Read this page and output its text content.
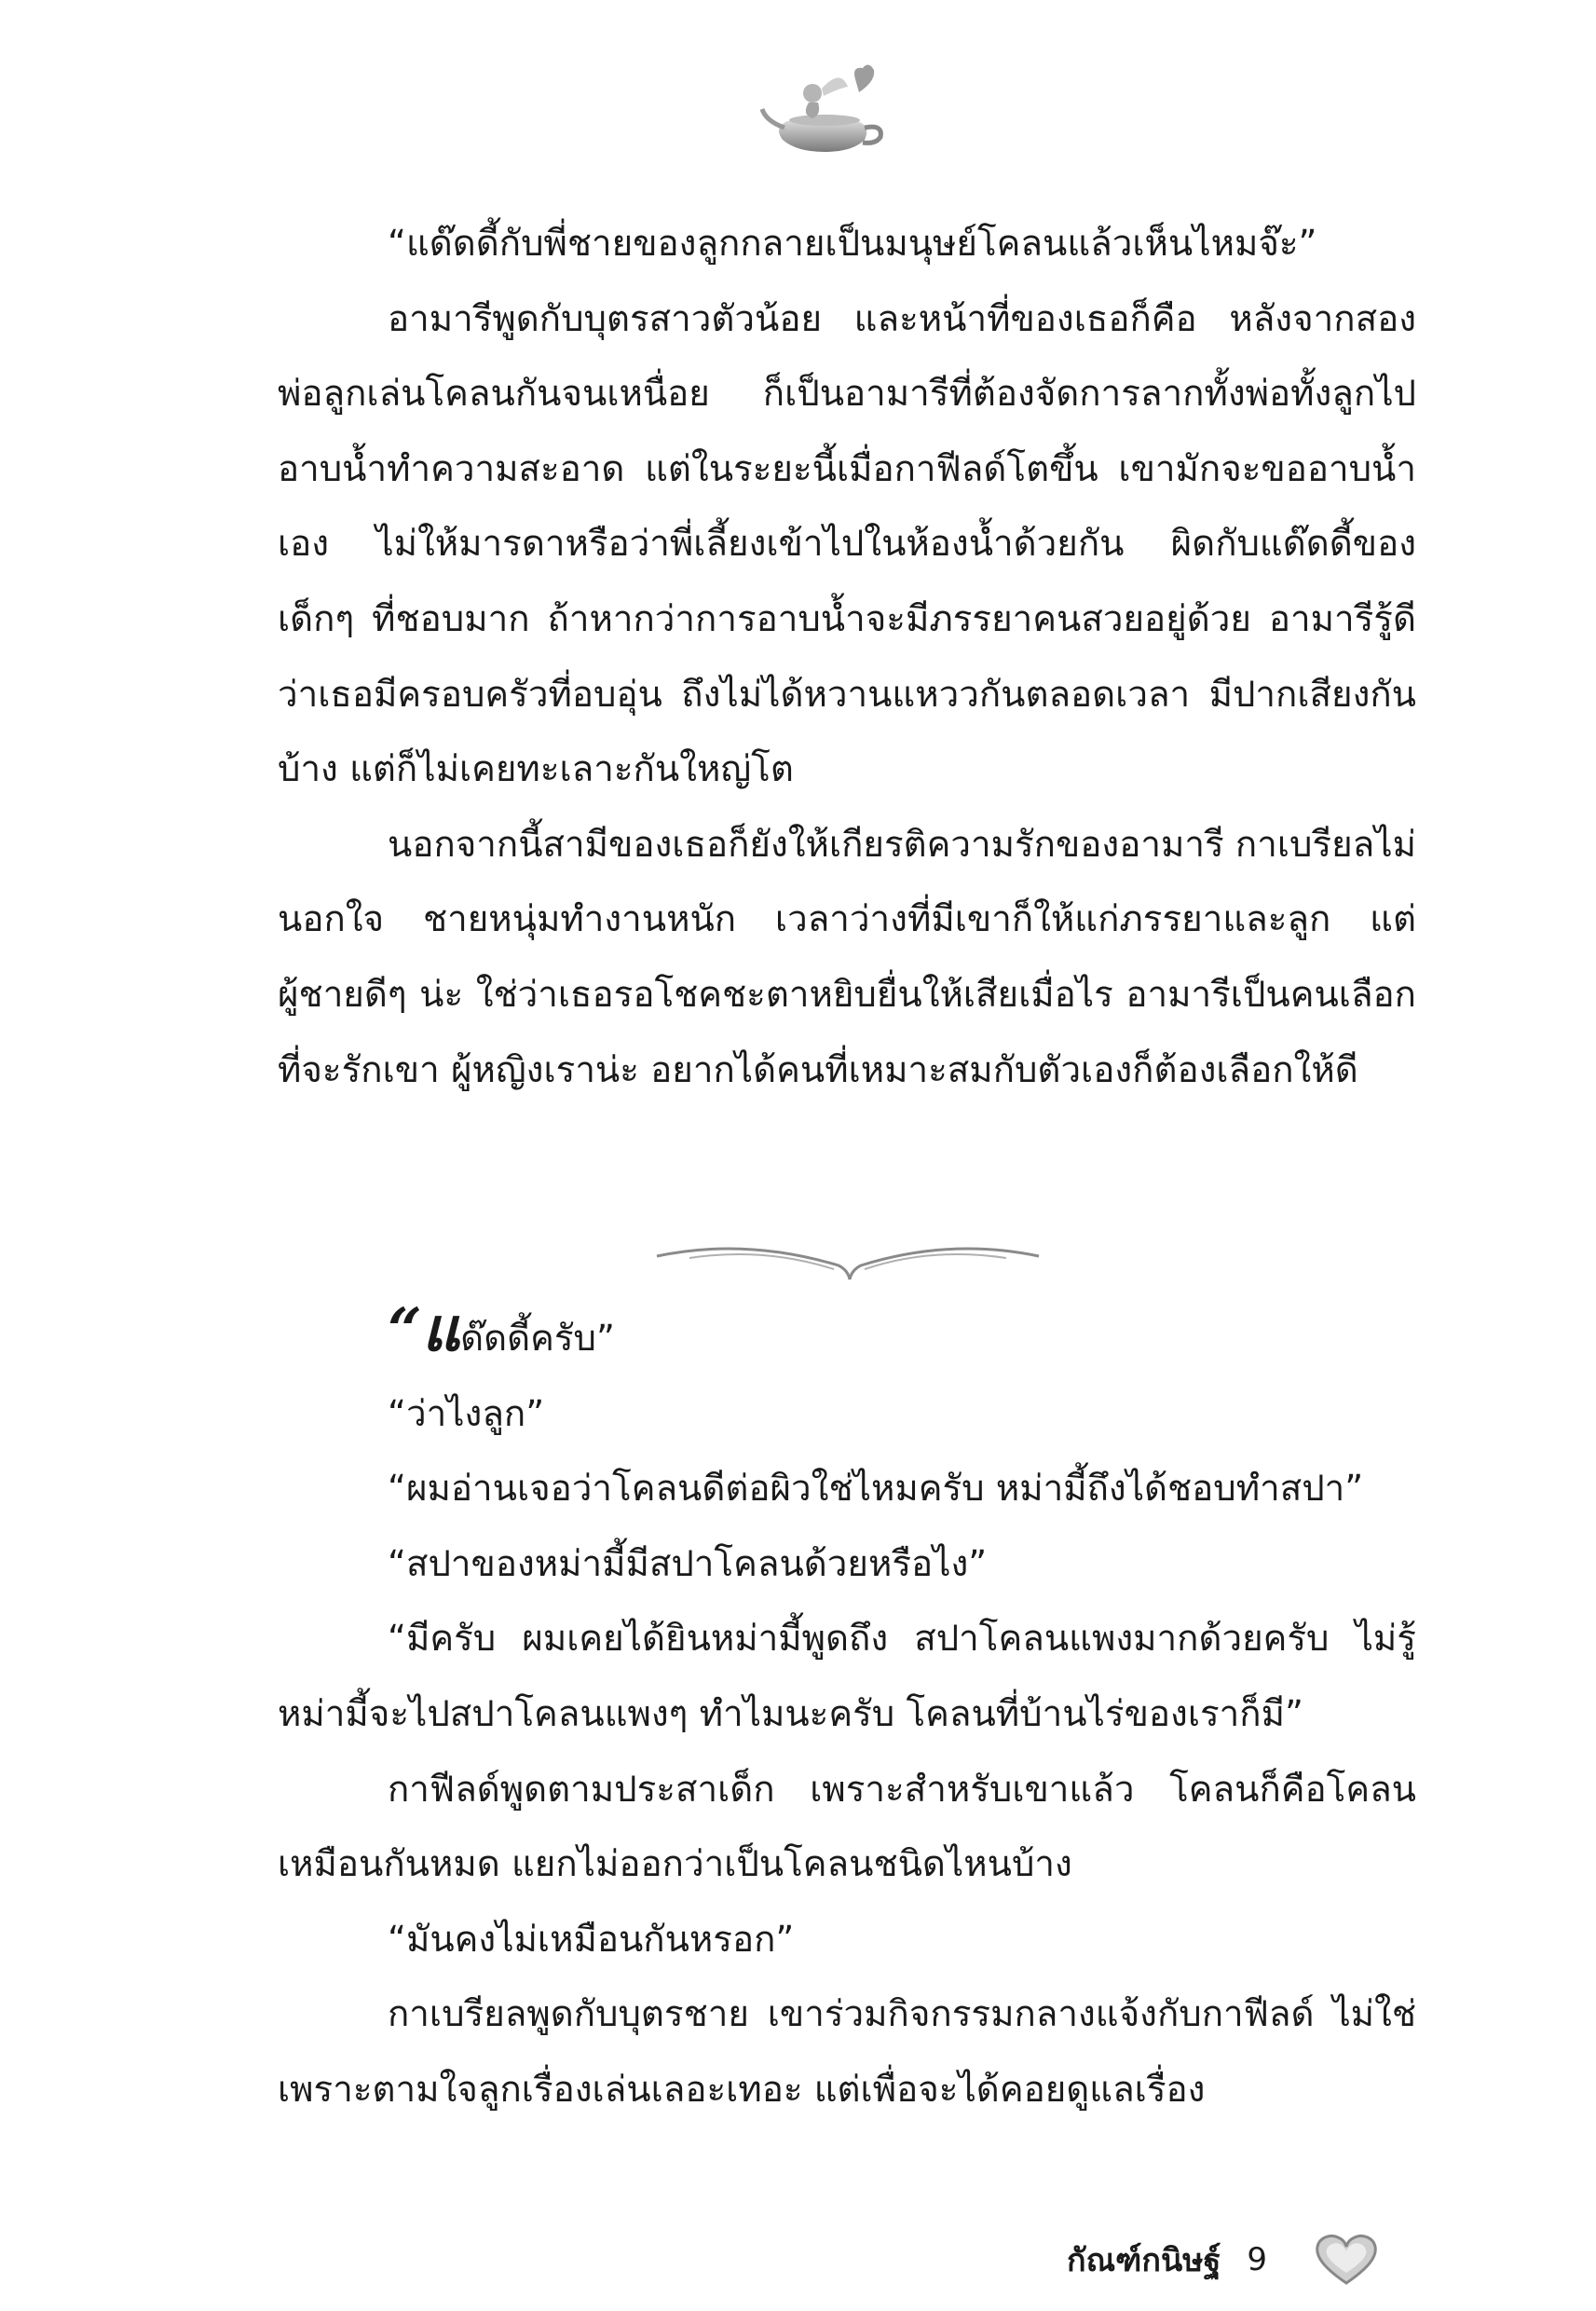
“แด๊ดดี้กับพี่ชายของลูกกลายเป็นมนุษย์โคลนแล้วเห็นไหมจ๊ะ”

อามารีพูดกับบุตรสาวตัวน้อย และหน้าที่ของเธอก็คือ หลังจากสองพ่อลูกเล่นโคลนกันจนเหนื่อย ก็เป็นอามารีที่ต้องจัดการลากทั้งพ่อทั้งลูกไปอาบน้ำทำความสะอาด แต่ในระยะนี้เมื่อกาฟีลด์โตขึ้น เขามักจะขออาบน้ำเอง ไม่ให้มารดาหรือว่าพี่เลี้ยงเข้าไปในห้องน้ำด้วยกัน ผิดกับแด๊ดดี้ของเด็กๆ ที่ชอบมาก ถ้าหากว่าการอาบน้ำจะมีภรรยาคนสวยอยู่ด้วย อามารีรู้ดีว่าเธอมีครอบครัวที่อบอุ่น ถึงไม่ได้หวานแหววกันตลอดเวลา มีปากเสียงกันบ้าง แต่ก็ไม่เคยทะเลาะกันใหญ่โต

นอกจากนี้สามีของเธอก็ยังให้เกียรติความรักของอามารี กาเบรียลไม่นอกใจ ชายหนุ่มทำงานหนัก เวลาว่างที่มีเขาก็ให้แก่ภรรยาและลูก แต่ผู้ชายดีๆ น่ะ ใช่ว่าเธอรอโชคชะตาหยิบยื่นให้เสียเมื่อไร อามารีเป็นคนเลือกที่จะรักเขา ผู้หญิงเราน่ะ อยากได้คนที่เหมาะสมกับตัวเองก็ต้องเลือกให้ดี

“แด๊ดดี้ครับ”

“ว่าไงลูก”

“ผมอ่านเจอว่าโคลนดีต่อผิวใช่ไหมครับ หม่ามี้ถึงได้ชอบทำสปา”

“สปาของหม่ามี้มีสปาโคลนด้วยหรือไง”

“มีครับ ผมเคยได้ยินหม่ามี้พูดถึง สปาโคลนแพงมากด้วยครับ ไม่รู้หม่ามี้จะไปสปาโคลนแพงๆ ทำไมนะครับ โคลนที่บ้านไร่ของเราก็มี”

กาฟีลด์พูดตามประสาเด็ก เพราะสำหรับเขาแล้ว โคลนก็คือโคลนเหมือนกันหมด แยกไม่ออกว่าเป็นโคลนชนิดไหนบ้าง

“มันคงไม่เหมือนกันหรอก”

กาเบรียลพูดกับบุตรชาย เขาร่วมกิจกรรมกลางแจ้งกับกาฟีลด์ ไม่ใช่เพราะตามใจลูกเรื่องเล่นเลอะเทอะ แต่เพื่อจะได้คอยดูแลเรื่อง

กัณฑ์กนิษฐ์ 9
